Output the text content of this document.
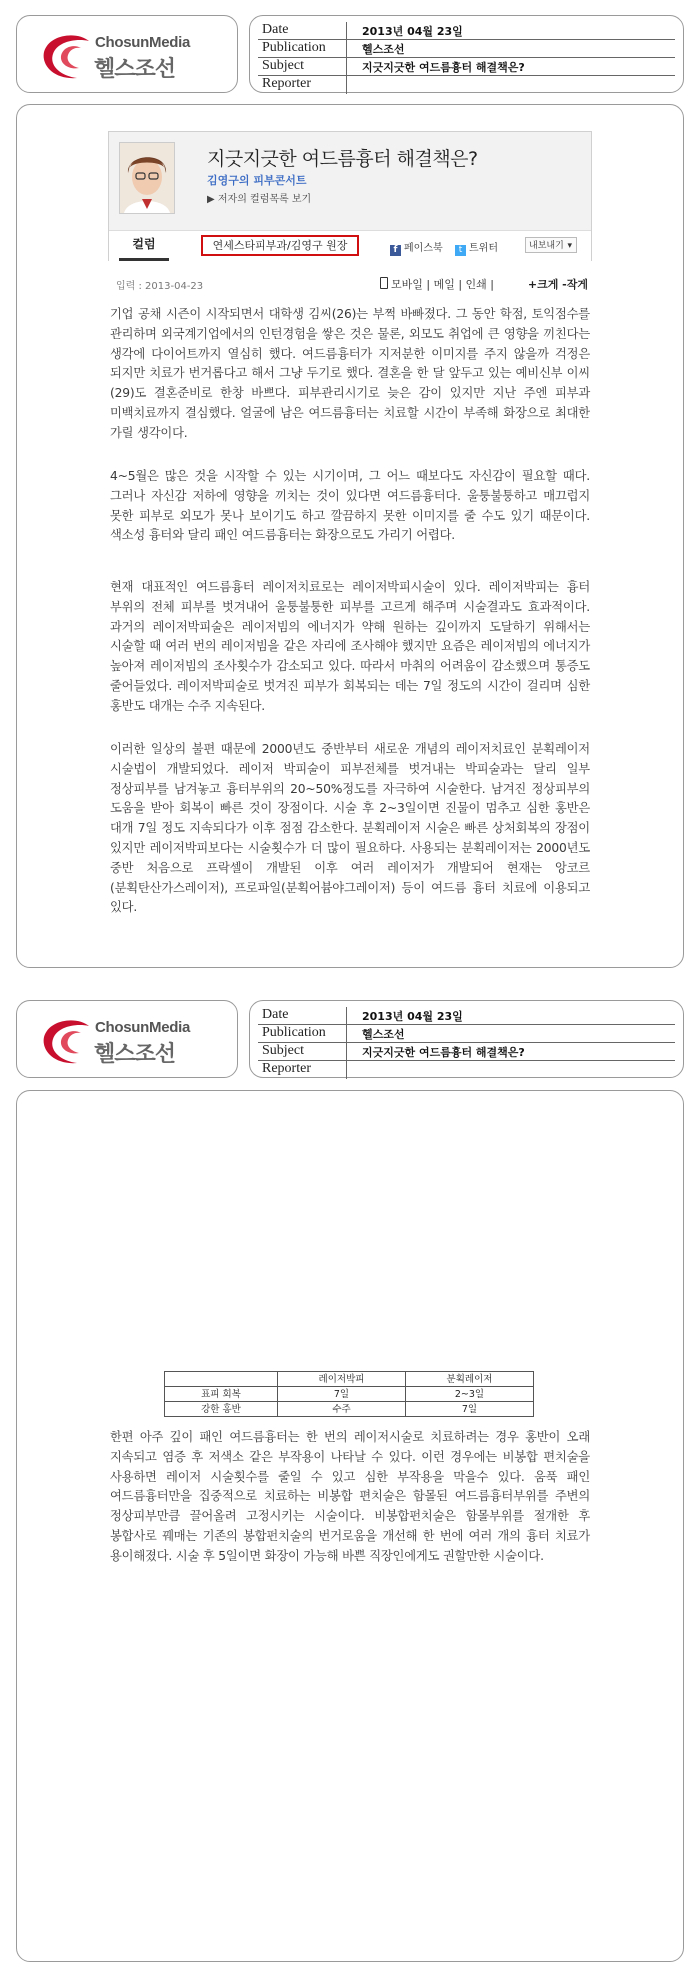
ChosunMedia
헬스조선
Date	2013년 04월 23일
Publication	헬스조선
Subject	지긋지긋한 여드름흉터 해결책은?
Reporter
지긋지긋한 여드름흉터 해결책은?
김영구의 피부콘서트
▶ 저자의 컬럼목록 보기
컬럼	연세스타피부과/김영구 원장	f 페이스북	t 트위터	내보내기 ▾
입력 : 2013-04-23	모바일 | 메일 | 인쇄 |	+크게 -작게

기업 공채 시즌이 시작되면서 대학생 김씨(26)는 부쩍 바빠졌다. 그 동안 학점, 토익점수를 관리하며 외국계기업에서의 인턴경험을 쌓은 것은 물론, 외모도 취업에 큰 영향을 끼친다는 생각에 다이어트까지 열심히 했다. 여드름흉터가 지저분한 이미지를 주지 않을까 걱정은 되지만 치료가 번거롭다고 해서 그냥 두기로 했다. 결혼을 한 달 앞두고 있는 예비신부 이씨(29)도 결혼준비로 한창 바쁘다. 피부관리시기로 늦은 감이 있지만 지난 주엔 피부과 미백치료까지 결심했다. 얼굴에 남은 여드름흉터는 치료할 시간이 부족해 화장으로 최대한 가릴 생각이다.

4~5월은 많은 것을 시작할 수 있는 시기이며, 그 어느 때보다도 자신감이 필요할 때다. 그러나 자신감 저하에 영향을 끼치는 것이 있다면 여드름흉터다. 울퉁불퉁하고 매끄럽지 못한 피부로 외모가 못나 보이기도 하고 깔끔하지 못한 이미지를 줄 수도 있기 때문이다. 색소성 흉터와 달리 패인 여드름흉터는 화장으로도 가리기 어렵다.

현재 대표적인 여드름흉터 레이저치료로는 레이저박피시술이 있다. 레이저박피는 흉터 부위의 전체 피부를 벗겨내어 울퉁불퉁한 피부를 고르게 해주며 시술결과도 효과적이다. 과거의 레이저박피술은 레이저빔의 에너지가 약해 원하는 깊이까지 도달하기 위해서는 시술할 때 여러 번의 레이저빔을 같은 자리에 조사해야 했지만 요즘은 레이저빔의 에너지가 높아져 레이저빔의 조사횟수가 감소되고 있다. 따라서 마취의 어려움이 감소했으며 통증도 줄어들었다. 레이저박피술로 벗겨진 피부가 회복되는 데는 7일 정도의 시간이 걸리며 심한 홍반도 대개는 수주 지속된다.

이러한 일상의 불편 때문에 2000년도 중반부터 새로운 개념의 레이저치료인 분획레이저 시술법이 개발되었다. 레이저 박피술이 피부전체를 벗겨내는 박피술과는 달리 일부 정상피부를 남겨놓고 흉터부위의 20~50%정도를 자극하여 시술한다. 남겨진 정상피부의 도움을 받아 회복이 빠른 것이 장점이다. 시술 후 2~3일이면 진물이 멈추고 심한 홍반은 대개 7일 정도 지속되다가 이후 점점 감소한다. 분획레이저 시술은 빠른 상처회복의 장점이 있지만 레이저박피보다는 시술횟수가 더 많이 필요하다. 사용되는 분획레이저는 2000년도 중반 처음으로 프락셀이 개발된 이후 여러 레이저가 개발되어 현재는 앙코르(분획탄산가스레이저), 프로파일(분획어븀야그레이저) 등이 여드름 흉터 치료에 이용되고 있다.

ChosunMedia
헬스조선
Date	2013년 04월 23일
Publication	헬스조선
Subject	지긋지긋한 여드름흉터 해결책은?
Reporter
	레이저박피	분획레이저
표피 회복	7일	2~3일
강한 홍반	수주	7일

한편 아주 깊이 패인 여드름흉터는 한 번의 레이저시술로 치료하려는 경우 홍반이 오래 지속되고 염증 후 저색소 같은 부작용이 나타날 수 있다. 이런 경우에는 비봉합 편치술을 사용하면 레이저 시술횟수를 줄일 수 있고 심한 부작용을 막을수 있다. 움푹 패인 여드름흉터만을 집중적으로 치료하는 비봉합 편치술은 함몰된 여드름흉터부위를 주변의 정상피부만큼 끌어올려 고정시키는 시술이다. 비봉합펀치술은 함몰부위를 절개한 후 봉합사로 꿰매는 기존의 봉합펀치술의 번거로움을 개선해 한 번에 여러 개의 흉터 치료가 용이해졌다. 시술 후 5일이면 화장이 가능해 바쁜 직장인에게도 권할만한 시술이다.
